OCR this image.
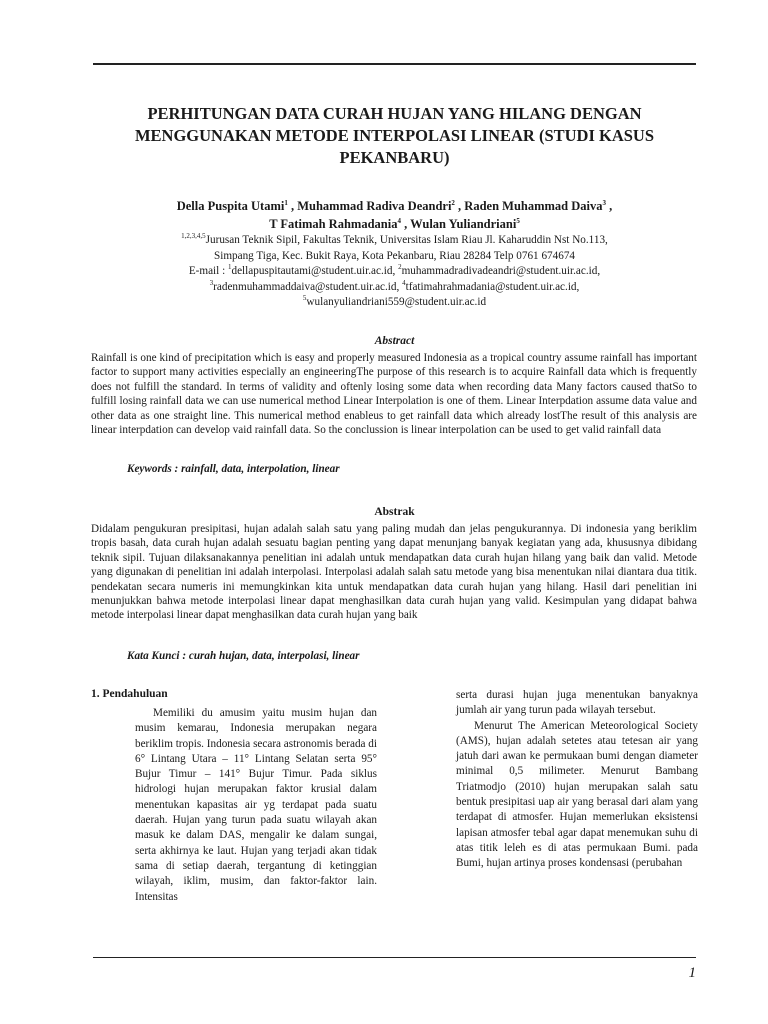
PERHITUNGAN DATA CURAH HUJAN YANG HILANG DENGAN MENGGUNAKAN METODE INTERPOLASI LINEAR (STUDI KASUS PEKANBARU)
Della Puspita Utami$^1$ , Muhammad Radiva Deandri$^2$ , Raden Muhammad Daiva$^3$ ,
T Fatimah Rahmadania$^4$ , Wulan Yuliandriani$^5$
$^{1,2,3,4,5}$Jurusan Teknik Sipil, Fakultas Teknik, Universitas Islam Riau Jl. Kaharuddin Nst No.113,
Simpang Tiga, Kec. Bukit Raya, Kota Pekanbaru, Riau 28284 Telp 0761 674674
E-mail : $^1$dellapuspitautami@student.uir.ac.id, $^2$muhammadradivadeandri@student.uir.ac.id,
$^3$radenmuhammaddaiva@student.uir.ac.id, $^4$tfatimahrahmadania@student.uir.ac.id,
$^5$wulanyuliandriani559@student.uir.ac.id
Abstract
Rainfall is one kind of precipitation which is easy and properly measured Indonesia as a tropical country assume rainfall has important factor to support many activities especially an engineeringThe purpose of this research is to acquire Rainfall data which is frequently does not fulfill the standard. In terms of validity and oftenly losing some data when recording data Many factors caused thatSo to fulfill losing rainfall data we can use numerical method Linear Interpolation is one of them. Linear Interpdation assume data value and other data as one straight line. This numerical method enableus to get rainfall data which already lostThe result of this analysis are linear interpdation can develop vaid rainfall data. So the conclussion is linear interpolation can be used to get valid rainfall data
Keywords : rainfall, data, interpolation, linear
Abstrak
Didalam pengukuran presipitasi, hujan adalah salah satu yang paling mudah dan jelas pengukurannya. Di indonesia yang beriklim tropis basah, data curah hujan adalah sesuatu bagian penting yang dapat menunjang banyak kegiatan yang ada, khususnya dibidang teknik sipil. Tujuan dilaksanakannya penelitian ini adalah untuk mendapatkan data curah hujan hilang yang baik dan valid. Metode yang digunakan di penelitian ini adalah interpolasi. Interpolasi adalah salah satu metode yang bisa menentukan nilai diantara dua titik. pendekatan secara numeris ini memungkinkan kita untuk mendapatkan data curah hujan yang hilang. Hasil dari penelitian ini menunjukkan bahwa metode interpolasi linear dapat menghasilkan data curah hujan yang valid. Kesimpulan yang didapat bahwa metode interpolasi linear dapat menghasilkan data curah hujan yang baik
Kata Kunci : curah hujan, data, interpolasi, linear
1. Pendahuluan

Memiliki du amusim yaitu musim hujan dan musim kemarau, Indonesia merupakan negara beriklim tropis. Indonesia secara astronomis berada di 6° Lintang Utara – 11° Lintang Selatan serta 95° Bujur Timur – 141° Bujur Timur. Pada siklus hidrologi hujan merupakan faktor krusial dalam menentukan kapasitas air yg terdapat pada suatu daerah. Hujan yang turun pada suatu wilayah akan masuk ke dalam DAS, mengalir ke dalam sungai, serta akhirnya ke laut. Hujan yang terjadi akan tidak sama di setiap daerah, tergantung di ketinggian wilayah, iklim, musim, dan faktor-faktor lain. Intensitas

serta durasi hujan juga menentukan banyaknya jumlah air yang turun pada wilayah tersebut.

Menurut The American Meteorological Society (AMS), hujan adalah setetes atau tetesan air yang jatuh dari awan ke permukaan bumi dengan diameter minimal 0,5 milimeter. Menurut Bambang Triatmodjo (2010) hujan merupakan salah satu bentuk presipitasi uap air yang berasal dari alam yang terdapat di atmosfer. Hujan memerlukan eksistensi lapisan atmosfer tebal agar dapat menemukan suhu di atas titik leleh es di atas permukaan Bumi. pada Bumi, hujan artinya proses kondensasi (perubahan

1
